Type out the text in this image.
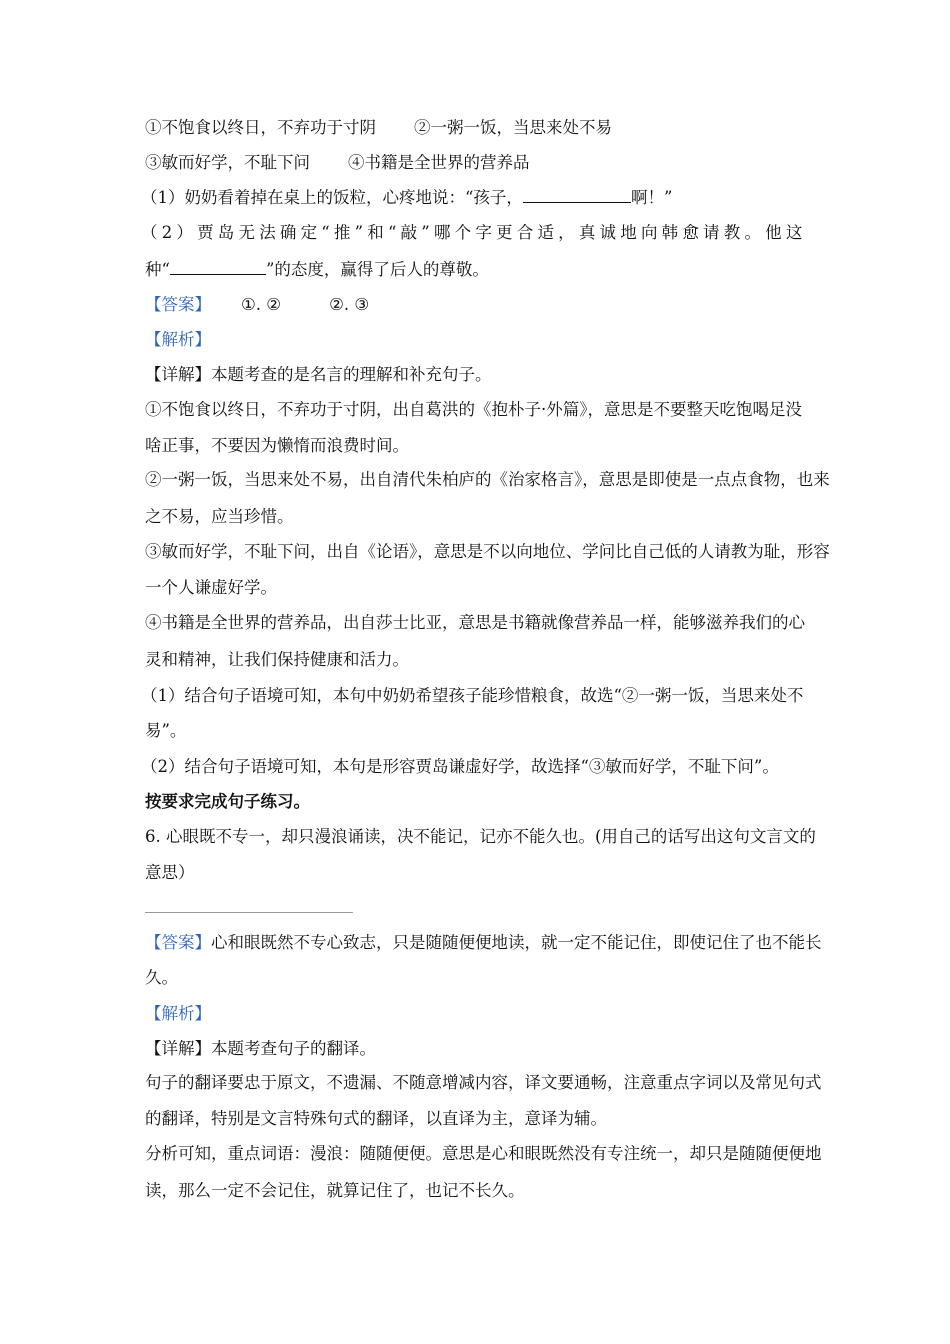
①不饱食以终日，不弃功于寸阴 ②一粥一饭，当思来处不易
③敏而好学，不耻下问 ④书籍是全世界的营养品
（1）奶奶看着掉在桌上的饭粒，心疼地说：“孩子，	啊！”
（2）贾岛无法确定“推”和“敲”哪个字更合适，真诚地向韩愈请教。他这
种“	”的态度，赢得了后人的尊敬。
【答案】 ①. ②	②. ③
【解析】
【详解】本题考查的是名言的理解和补充句子。
①不饱食以终日，不弃功于寸阴，出自葛洪的《抱朴子·外篇》，意思是不要整天吃饱喝足没
啥正事，不要因为懒惰而浪费时间。
②一粥一饭，当思来处不易，出自清代朱柏庐的《治家格言》，意思是即使是一点点食物，也来
之不易，应当珍惜。
③敏而好学，不耻下问，出自《论语》，意思是不以向地位、学问比自己低的人请教为耻，形容
一个人谦虚好学。
④书籍是全世界的营养品，出自莎士比亚，意思是书籍就像营养品一样，能够滋养我们的心
灵和精神，让我们保持健康和活力。
（1）结合句子语境可知，本句中奶奶希望孩子能珍惜粮食，故选“②一粥一饭，当思来处不
易”。
（2）结合句子语境可知，本句是形容贾岛谦虚好学，故选择“③敏而好学，不耻下问”。
按要求完成句子练习。
6. 心眼既不专一，却只漫浪诵读，决不能记，记亦不能久也。(用自己的话写出这句文言文的
意思）
【答案】心和眼既然不专心致志，只是随随便便地读，就一定不能记住，即使记住了也不能长
久。
【解析】
【详解】本题考查句子的翻译。
句子的翻译要忠于原文，不遗漏、不随意增减内容，译文要通畅，注意重点字词以及常见句式
的翻译，特别是文言特殊句式的翻译，以直译为主，意译为辅。
分析可知，重点词语：漫浪：随随便便。意思是心和眼既然没有专注统一，却只是随随便便地
读，那么一定不会记住，就算记住了，也记不长久。
